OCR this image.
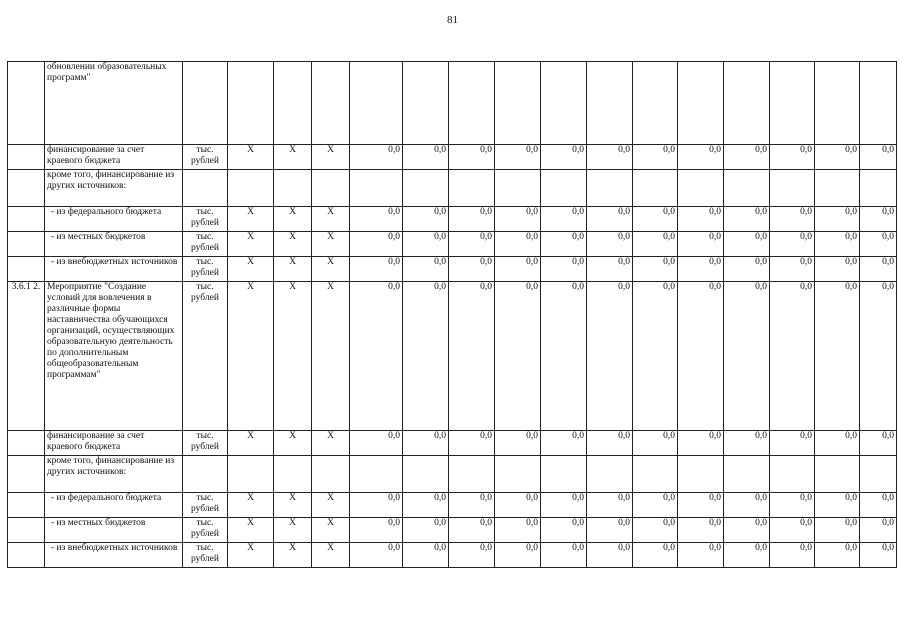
81
	обновлении образовательных программ"																
	финансирование за счет краевого бюджета	тыс. рублей	X	X	X	0,0	0,0	0,0	0,0	0,0	0,0	0,0	0,0	0,0	0,0	0,0	0,0
	кроме того, финансирование из других источников:																
	- из федерального бюджета	тыс. рублей	X	X	X	0,0	0,0	0,0	0,0	0,0	0,0	0,0	0,0	0,0	0,0	0,0	0,0
	- из местных бюджетов	тыс. рублей	X	X	X	0,0	0,0	0,0	0,0	0,0	0,0	0,0	0,0	0,0	0,0	0,0	0,0
	- из внебюджетных источников	тыс. рублей	X	X	X	0,0	0,0	0,0	0,0	0,0	0,0	0,0	0,0	0,0	0,0	0,0	0,0
3.6.1 2.	Мероприятие "Создание условий для вовлечения в различные формы наставничества обучающихся организаций, осуществляющих образовательную деятельность по дополнительным общеобразовательным программам"	тыс. рублей	X	X	X	0,0	0,0	0,0	0,0	0,0	0,0	0,0	0,0	0,0	0,0	0,0	0,0
	финансирование за счет краевого бюджета	тыс. рублей	X	X	X	0,0	0,0	0,0	0,0	0,0	0,0	0,0	0,0	0,0	0,0	0,0	0,0
	кроме того, финансирование из других источников:																
	- из федерального бюджета	тыс. рублей	X	X	X	0,0	0,0	0,0	0,0	0,0	0,0	0,0	0,0	0,0	0,0	0,0	0,0
	- из местных бюджетов	тыс. рублей	X	X	X	0,0	0,0	0,0	0,0	0,0	0,0	0,0	0,0	0,0	0,0	0,0	0,0
	- из внебюджетных источников	тыс. рублей	X	X	X	0,0	0,0	0,0	0,0	0,0	0,0	0,0	0,0	0,0	0,0	0,0	0,0
